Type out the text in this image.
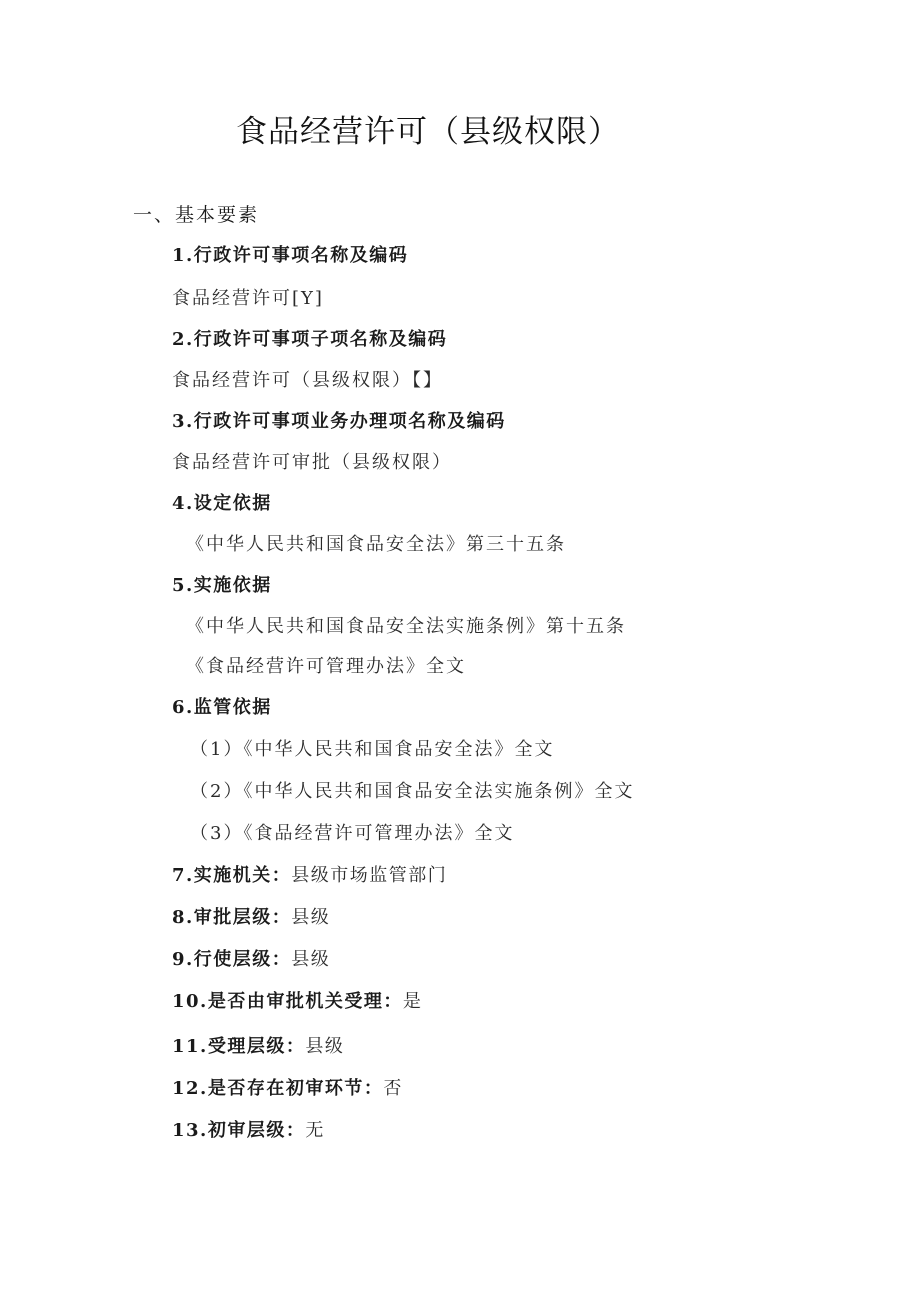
食品经营许可（县级权限）
一、基本要素
1.行政许可事项名称及编码
食品经营许可[Y]
2.行政许可事项子项名称及编码
食品经营许可（县级权限）【】
3.行政许可事项业务办理项名称及编码
食品经营许可审批（县级权限）
4.设定依据
《中华人民共和国食品安全法》第三十五条
5.实施依据
《中华人民共和国食品安全法实施条例》第十五条
《食品经营许可管理办法》全文
6.监管依据
（1）《中华人民共和国食品安全法》全文
（2）《中华人民共和国食品安全法实施条例》全文
（3）《食品经营许可管理办法》全文
7.实施机关：县级市场监管部门
8.审批层级：县级
9.行使层级：县级
10.是否由审批机关受理：是
11.受理层级：县级
12.是否存在初审环节：否
13.初审层级：无
